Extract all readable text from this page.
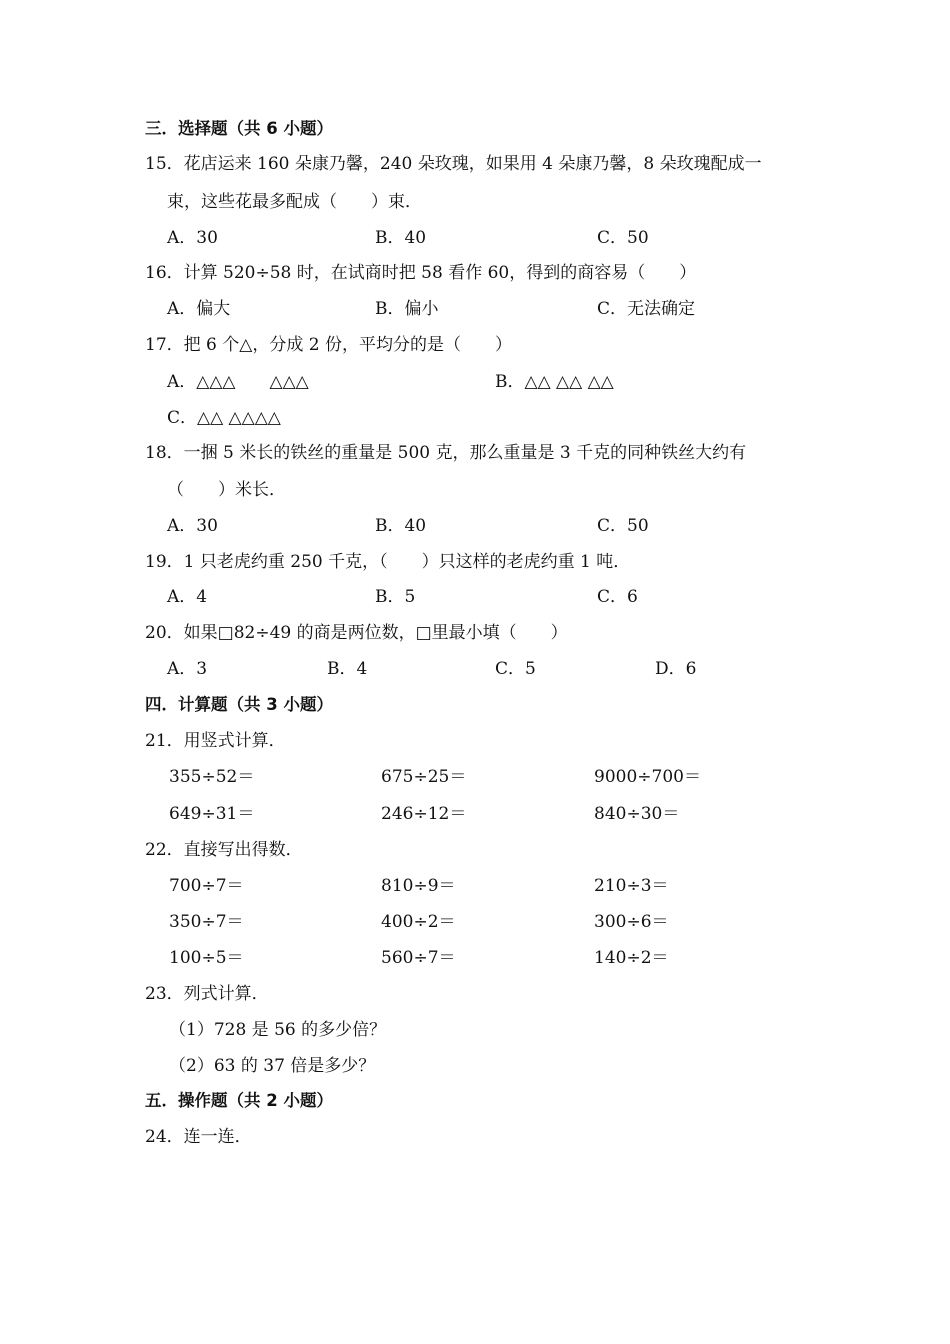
三．选择题（共 6 小题）
15．花店运来 160 朵康乃馨，240 朵玫瑰，如果用 4 朵康乃馨，8 朵玫瑰配成一
束，这些花最多配成（　　）束．
A．30	B．40	C．50
16．计算 520÷58 时，在试商时把 58 看作 60，得到的商容易（　　）
A．偏大	B．偏小	C．无法确定
17．把 6 个△，分成 2 份，平均分的是（　　）
A．△△△　　△△△	B．△△ △△ △△
C．△△ △△△△
18．一捆 5 米长的铁丝的重量是 500 克，那么重量是 3 千克的同种铁丝大约有
（　　）米长．
A．30	B．40	C．50
19．1 只老虎约重 250 千克，（　　）只这样的老虎约重 1 吨．
A．4	B．5	C．6
20．如果□82÷49 的商是两位数，□里最小填（　　）
A．3	B．4	C．5	D．6
四．计算题（共 3 小题）
21．用竖式计算．
355÷52＝	675÷25＝	9000÷700＝
649÷31＝	246÷12＝	840÷30＝
22．直接写出得数．
700÷7＝	810÷9＝	210÷3＝
350÷7＝	400÷2＝	300÷6＝
100÷5＝	560÷7＝	140÷2＝
23．列式计算．
（1）728 是 56 的多少倍？
（2）63 的 37 倍是多少？
五．操作题（共 2 小题）
24．连一连．
